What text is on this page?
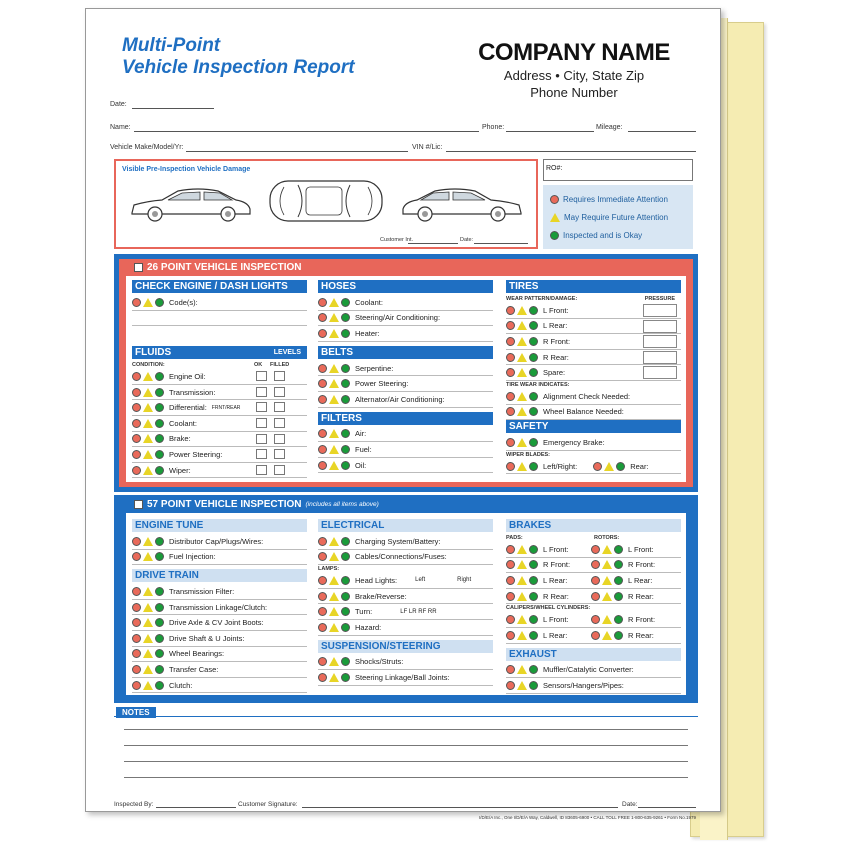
Multi-Point
Vehicle Inspection Report
COMPANY NAME
Address • City, State Zip
Phone Number
Date:
Name:	Phone:	Mileage:
Vehicle Make/Model/Yr:	VIN #/Lic:
Visible Pre-Inspection Vehicle Damage
Customer Int.	Date:
RO#:
Requires Immediate Attention
May Require Future Attention
Inspected and is Okay
26 POINT VEHICLE INSPECTION
CHECK ENGINE / DASH LIGHTS
Code(s):
FLUIDS	LEVELS
CONDITION:	OK FILLED
Engine Oil:
Transmission:
Differential: FRNT/REAR
Coolant:
Brake:
Power Steering:
Wiper:
HOSES
Coolant:
Steering/Air Conditioning:
Heater:
BELTS
Serpentine:
Power Steering:
Alternator/Air Conditioning:
FILTERS
Air:
Fuel:
Oil:
TIRES
WEAR PATTERN/DAMAGE:	PRESSURE
L Front:
L Rear:
R Front:
R Rear:
Spare:
TIRE WEAR INDICATES:
Alignment Check Needed:
Wheel Balance Needed:
SAFETY
Emergency Brake:
WIPER BLADES:
Left/Right:	Rear:
57 POINT VEHICLE INSPECTION (includes all items above)
ENGINE TUNE
Distributor Cap/Plugs/Wires:
Fuel Injection:
DRIVE TRAIN
Transmission Filter:
Transmission Linkage/Clutch:
Drive Axle & CV Joint Boots:
Drive Shaft & U Joints:
Wheel Bearings:
Transfer Case:
Clutch:
ELECTRICAL
Charging System/Battery:
Cables/Connections/Fuses:
LAMPS:
Head Lights:	Left	Right
Brake/Reverse:
Turn:	LF LR RF RR
Hazard:
SUSPENSION/STEERING
Shocks/Struts:
Steering Linkage/Ball Joints:
BRAKES
PADS:	ROTORS:
L Front:	L Front:
R Front:	R Front:
L Rear:	L Rear:
R Rear:	R Rear:
CALIPERS/WHEEL CYLINDERS:
L Front:	R Front:
L Rear:	R Rear:
EXHAUST
Muffler/Catalytic Converter:
Sensors/Hangers/Pipes:
NOTES
Inspected By:	Customer Signature:	Date:
I/D/E/A Inc., One I/D/E/A Way, Caldwell, ID 83605-6900 • CALL TOLL FREE 1-800-635-9261 • Form No.1979
